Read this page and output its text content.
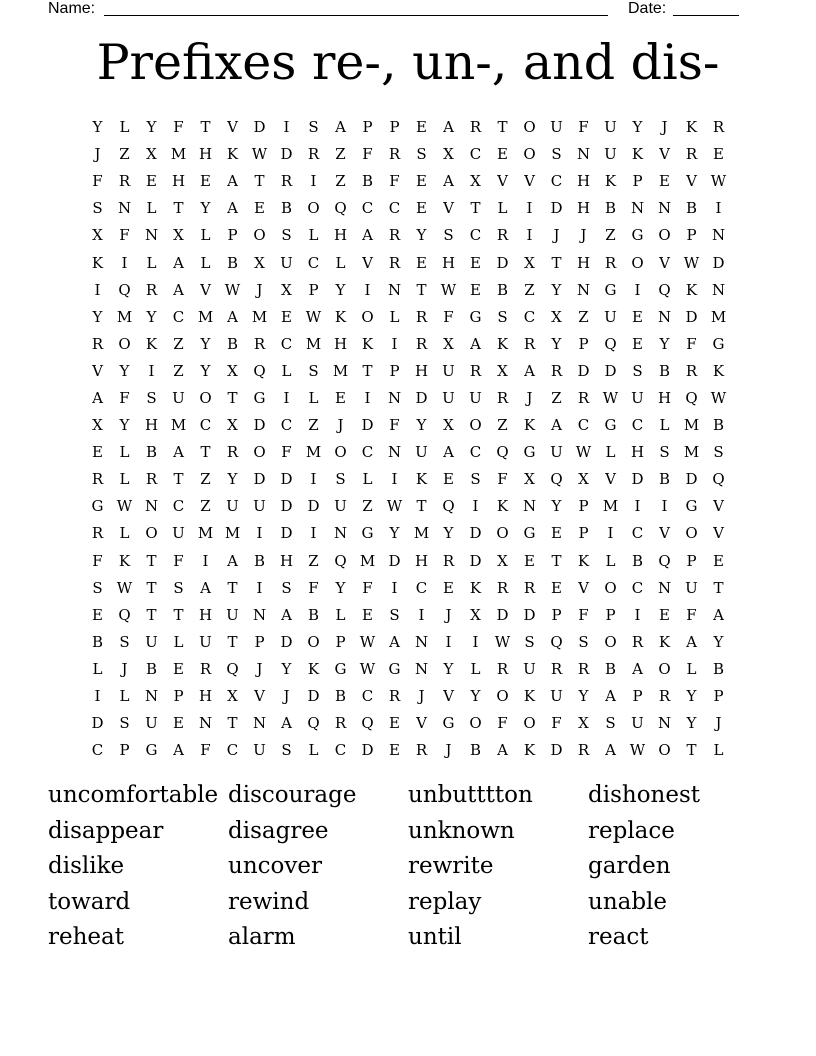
Name:	Date:
Prefixes re-, un-, and dis-
Y	L	Y	F	T	V	D	I	S	A	P	P	E	A	R	T	O U	F	U	Y	J	K	R
J	Z	X M H K W D	R	Z	F	R	S	X	C	E	O	S	N U	K	V	R	E
F	R	E H E	A	T	R	I	Z	B	F	E	A	X	V	V	C H K	P	E	V W
S	N	L	T	Y	A	E	B	O Q	C	C	E	V	T	L	I	D H B N N B	I
X	F	N	X	L	P	O	S	L	H	A	R	Y	S	C	R	I	J	J	Z	G O	P	N
K	I	L	A	L	B	X	U C	L	V	R	E H E	D	X	T	H R	O	V W D
I	Q	R	A	V W	J	X	P	Y	I	N	T W E	B	Z	Y	N G	I	Q	K N
Y M Y	C M A M E W K	O	L	R	F	G	S	C	X	Z	U	E N D M
R	O	K	Z	Y	B	R	C M H K	I	R	X	A	K	R	Y	P	Q	E	Y	F	G
V	Y	I	Z	Y	X	Q	L	S M T	P	H U	R	X	A	R	D D	S	B	R	K
A	F	S	U O	T	G	I	L	E	I	N D U U	R	J	Z	R W U H Q W
X	Y	H M C	X	D	C	Z	J	D	F	Y	X	O	Z	K	A	C	G	C	L M B
E	L	B	A	T	R	O	F M O	C N U	A	C	Q G U W L	H	S M S
R	L	R	T	Z	Y	D D	I	S	L	I	K	E	S	F	X	Q	X	V	D	B	D Q
G W N C	Z	U U D D U	Z W T	Q	I	K N	Y	P M	I	I	G	V
R	L	O U M M	I	D	I	N G	Y M Y	D O G	E	P	I	C	V	O	V
F	K	T	F	I	A	B H	Z	Q M D H R	D	X	E	T	K	L	B	Q	P	E
S W T	S	A	T	I	S	F	Y	F	I	C	E	K	R	R	E	V	O	C N U	T
E	Q	T	T	H U N	A	B	L	E	S	I	J	X	D D	P	F	P	I	E	F	A
B	S	U	L	U	T	P	D O	P W A	N	I	I	W S	Q	S	O	R	K	A	Y
L	J	B	E	R	Q	J	Y	K	G W G N	Y	L	R	U	R	R	B	A	O	L	B
I	L	N	P	H	X	V	J	D	B	C	R	J	V	Y	O	K	U	Y	A	P	R	Y	P
D	S	U	E N	T	N	A	Q	R	Q	E	V	G O	F	O	F	X	S	U N	Y	J
C	P	G	A	F	C U	S	L	C	D	E	R	J	B	A	K	D	R	A W O	T	L
uncomfortable discourage	unbutttton	dishonest
disappear	disagree	unknown	replace
dislike	uncover	rewrite	garden
toward	rewind	replay	unable
reheat	alarm	until	react
